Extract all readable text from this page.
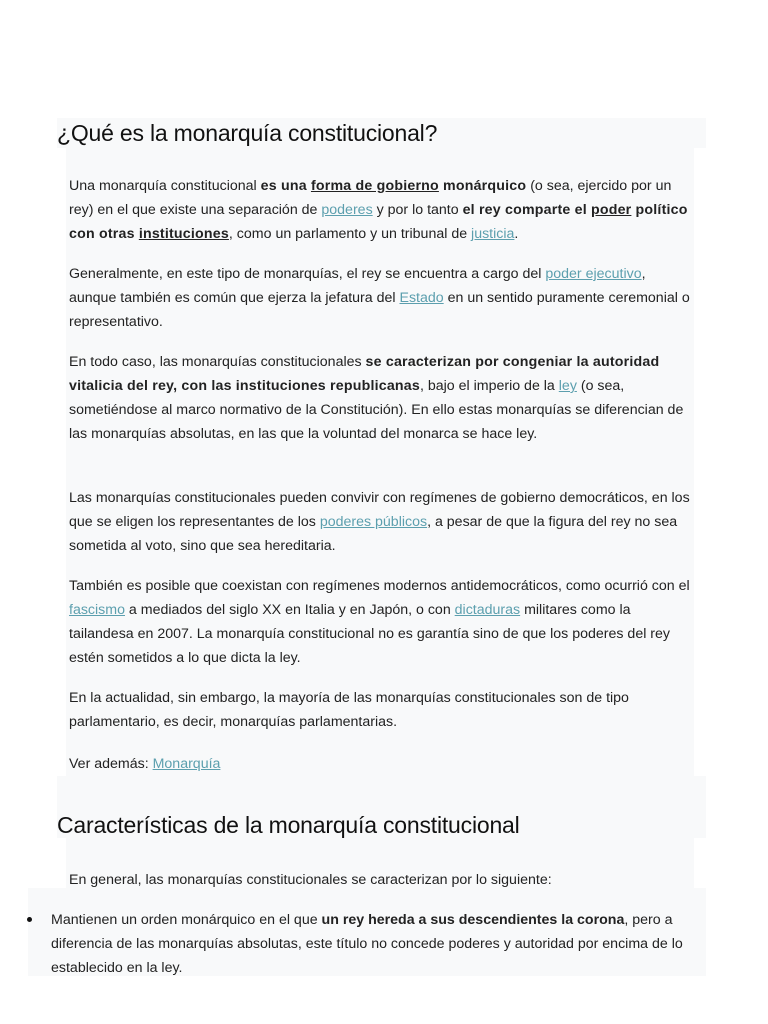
¿Qué es la monarquía constitucional?

Una monarquía constitucional es una forma de gobierno monárquico (o sea, ejercido por un rey) en el que existe una separación de poderes y por lo tanto el rey comparte el poder político con otras instituciones, como un parlamento y un tribunal de justicia.

Generalmente, en este tipo de monarquías, el rey se encuentra a cargo del poder ejecutivo, aunque también es común que ejerza la jefatura del Estado en un sentido puramente ceremonial o representativo.

En todo caso, las monarquías constitucionales se caracterizan por congeniar la autoridad vitalicia del rey, con las instituciones republicanas, bajo el imperio de la ley (o sea, sometiéndose al marco normativo de la Constitución). En ello estas monarquías se diferencian de las monarquías absolutas, en las que la voluntad del monarca se hace ley.

Las monarquías constitucionales pueden convivir con regímenes de gobierno democráticos, en los que se eligen los representantes de los poderes públicos, a pesar de que la figura del rey no sea sometida al voto, sino que sea hereditaria.

También es posible que coexistan con regímenes modernos antidemocráticos, como ocurrió con el fascismo a mediados del siglo XX en Italia y en Japón, o con dictaduras militares como la tailandesa en 2007. La monarquía constitucional no es garantía sino de que los poderes del rey estén sometidos a lo que dicta la ley.

En la actualidad, sin embargo, la mayoría de las monarquías constitucionales son de tipo parlamentario, es decir, monarquías parlamentarias.

Ver además: Monarquía

Características de la monarquía constitucional

En general, las monarquías constitucionales se caracterizan por lo siguiente:

Mantienen un orden monárquico en el que un rey hereda a sus descendientes la corona, pero a diferencia de las monarquías absolutas, este título no concede poderes y autoridad por encima de lo establecido en la ley.
